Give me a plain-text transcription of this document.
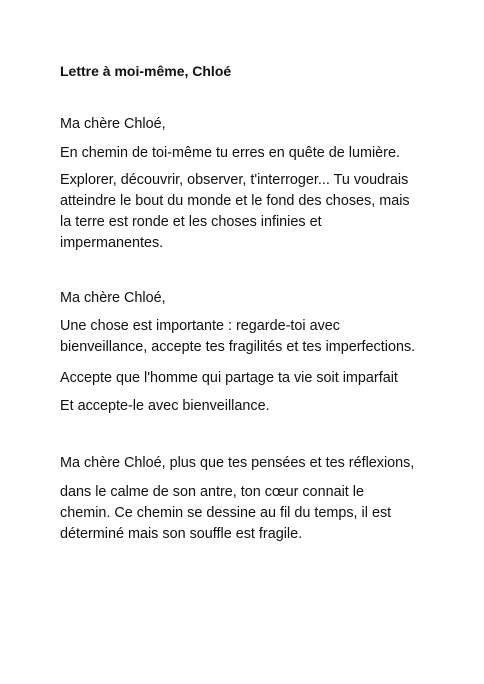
Lettre à moi-même, Chloé

Ma chère Chloé,

En chemin de toi-même tu erres en quête de lumière.

Explorer, découvrir, observer, t'interroger... Tu voudrais
atteindre le bout du monde et le fond des choses, mais
la terre est ronde et les choses infinies et
impermanentes.

Ma chère Chloé,

Une chose est importante : regarde-toi avec
bienveillance, accepte tes fragilités et tes imperfections.

Accepte que l'homme qui partage ta vie soit imparfait

Et accepte-le avec bienveillance.

Ma chère Chloé, plus que tes pensées et tes réflexions,

dans le calme de son antre, ton cœur connait le
chemin. Ce chemin se dessine au fil du temps, il est
déterminé mais son souffle est fragile.
